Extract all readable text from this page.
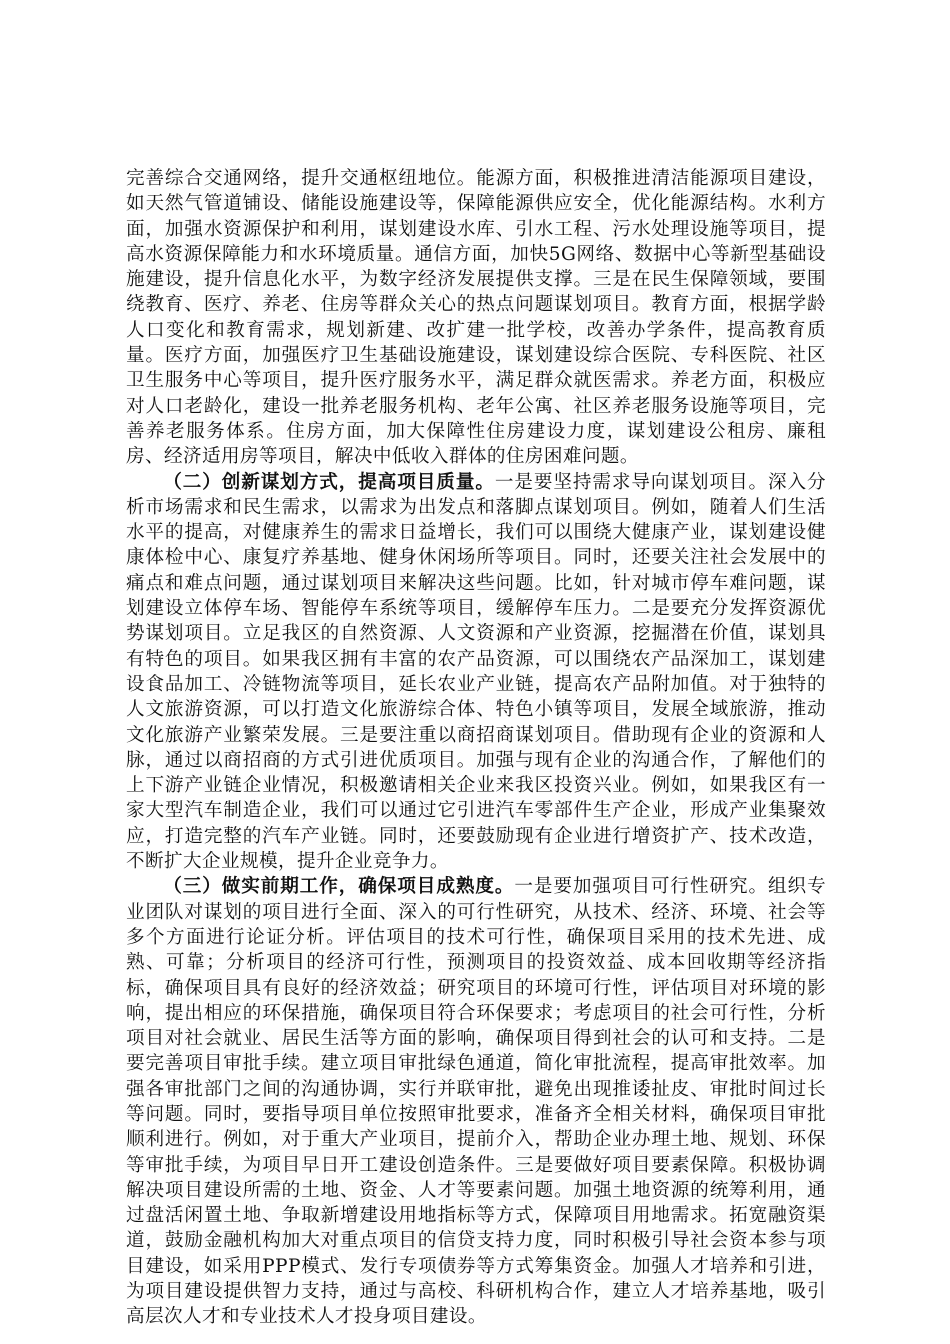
完善综合交通网络，提升交通枢纽地位。能源方面，积极推进清洁能源项目建设，如天然气管道铺设、储能设施建设等，保障能源供应安全，优化能源结构。水利方面，加强水资源保护和利用，谋划建设水库、引水工程、污水处理设施等项目，提高水资源保障能力和水环境质量。通信方面，加快5G网络、数据中心等新型基础设施建设，提升信息化水平，为数字经济发展提供支撑。三是在民生保障领域，要围绕教育、医疗、养老、住房等群众关心的热点问题谋划项目。教育方面，根据学龄人口变化和教育需求，规划新建、改扩建一批学校，改善办学条件，提高教育质量。医疗方面，加强医疗卫生基础设施建设，谋划建设综合医院、专科医院、社区卫生服务中心等项目，提升医疗服务水平，满足群众就医需求。养老方面，积极应对人口老龄化，建设一批养老服务机构、老年公寓、社区养老服务设施等项目，完善养老服务体系。住房方面，加大保障性住房建设力度，谋划建设公租房、廉租房、经济适用房等项目，解决中低收入群体的住房困难问题。

（二）创新谋划方式，提高项目质量。一是要坚持需求导向谋划项目。深入分析市场需求和民生需求，以需求为出发点和落脚点谋划项目。例如，随着人们生活水平的提高，对健康养生的需求日益增长，我们可以围绕大健康产业，谋划建设健康体检中心、康复疗养基地、健身休闲场所等项目。同时，还要关注社会发展中的痛点和难点问题，通过谋划项目来解决这些问题。比如，针对城市停车难问题，谋划建设立体停车场、智能停车系统等项目，缓解停车压力。二是要充分发挥资源优势谋划项目。立足我区的自然资源、人文资源和产业资源，挖掘潜在价值，谋划具有特色的项目。如果我区拥有丰富的农产品资源，可以围绕农产品深加工，谋划建设食品加工、冷链物流等项目，延长农业产业链，提高农产品附加值。对于独特的人文旅游资源，可以打造文化旅游综合体、特色小镇等项目，发展全域旅游，推动文化旅游产业繁荣发展。三是要注重以商招商谋划项目。借助现有企业的资源和人脉，通过以商招商的方式引进优质项目。加强与现有企业的沟通合作，了解他们的上下游产业链企业情况，积极邀请相关企业来我区投资兴业。例如，如果我区有一家大型汽车制造企业，我们可以通过它引进汽车零部件生产企业，形成产业集聚效应，打造完整的汽车产业链。同时，还要鼓励现有企业进行增资扩产、技术改造，不断扩大企业规模，提升企业竞争力。

（三）做实前期工作，确保项目成熟度。一是要加强项目可行性研究。组织专业团队对谋划的项目进行全面、深入的可行性研究，从技术、经济、环境、社会等多个方面进行论证分析。评估项目的技术可行性，确保项目采用的技术先进、成熟、可靠；分析项目的经济可行性，预测项目的投资效益、成本回收期等经济指标，确保项目具有良好的经济效益；研究项目的环境可行性，评估项目对环境的影响，提出相应的环保措施，确保项目符合环保要求；考虑项目的社会可行性，分析项目对社会就业、居民生活等方面的影响，确保项目得到社会的认可和支持。二是要完善项目审批手续。建立项目审批绿色通道，简化审批流程，提高审批效率。加强各审批部门之间的沟通协调，实行并联审批，避免出现推诿扯皮、审批时间过长等问题。同时，要指导项目单位按照审批要求，准备齐全相关材料，确保项目审批顺利进行。例如，对于重大产业项目，提前介入，帮助企业办理土地、规划、环保等审批手续，为项目早日开工建设创造条件。三是要做好项目要素保障。积极协调解决项目建设所需的土地、资金、人才等要素问题。加强土地资源的统筹利用，通过盘活闲置土地、争取新增建设用地指标等方式，保障项目用地需求。拓宽融资渠道，鼓励金融机构加大对重点项目的信贷支持力度，同时积极引导社会资本参与项目建设，如采用PPP模式、发行专项债券等方式筹集资金。加强人才培养和引进，为项目建设提供智力支持，通过与高校、科研机构合作，建立人才培养基地，吸引高层次人才和专业技术人才投身项目建设。
